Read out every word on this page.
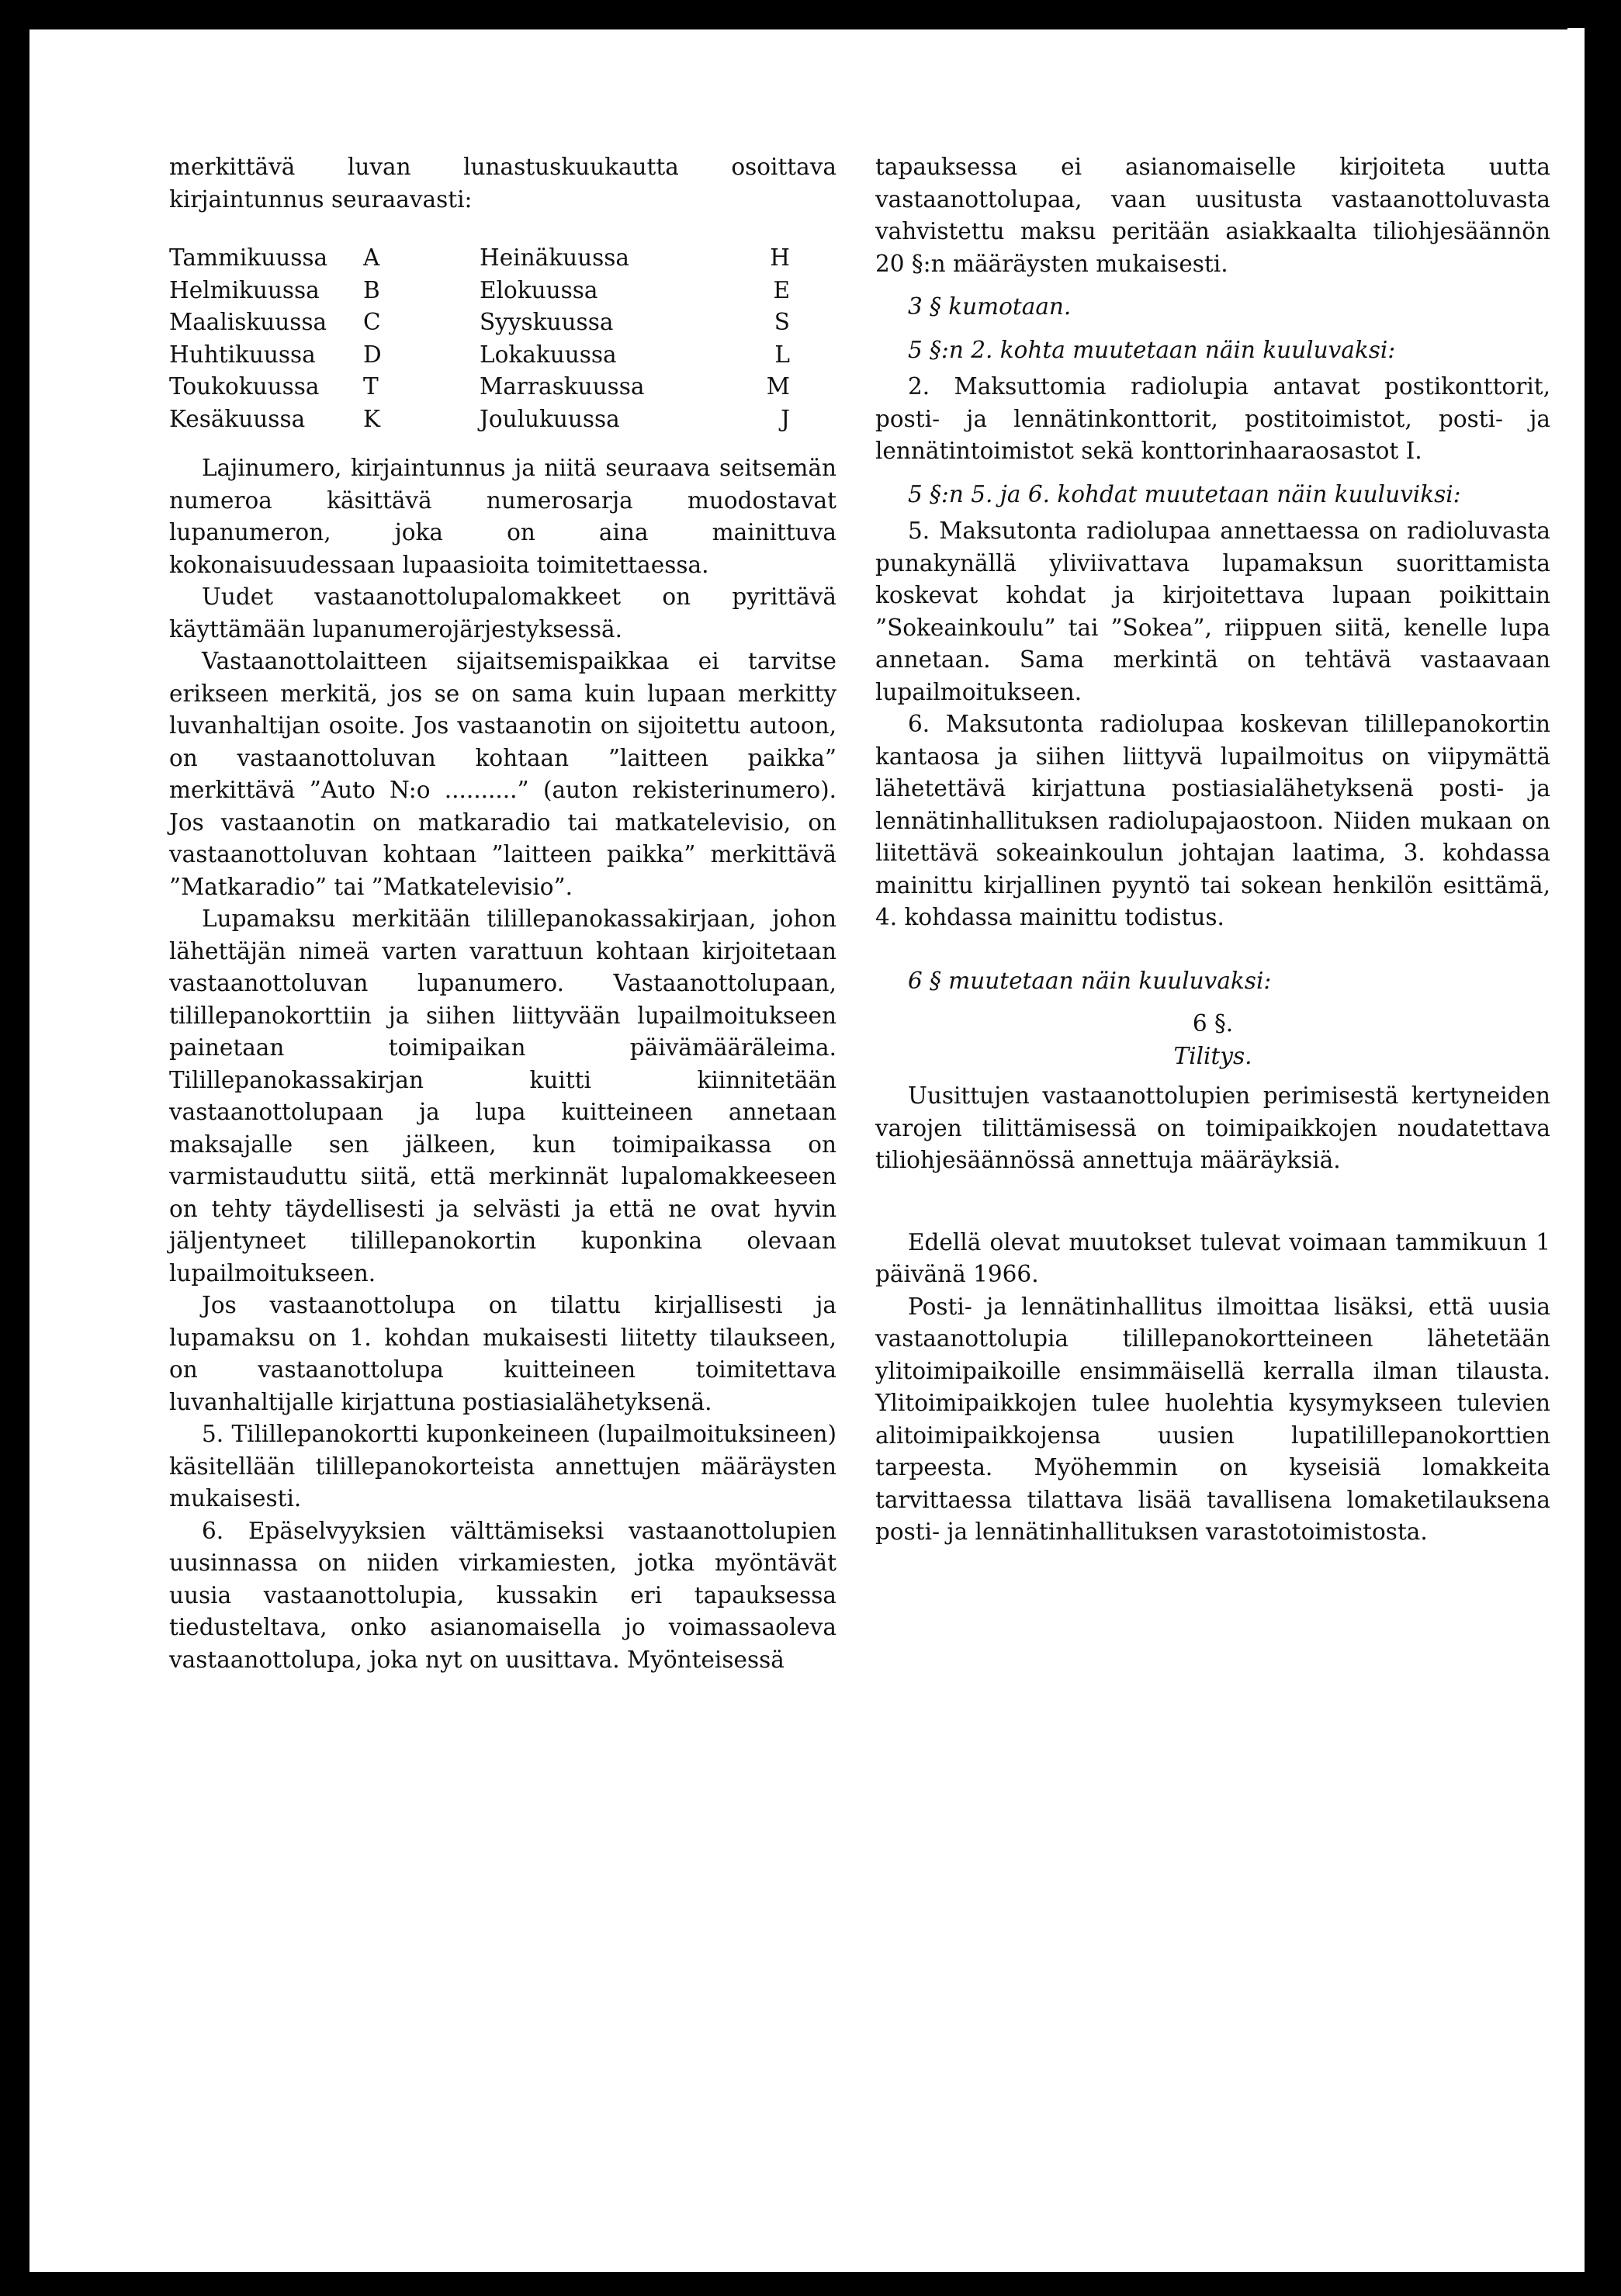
merkittävä luvan lunastuskuukautta osoittava kirjaintunnus seuraavasti:

Tammikuussa	A	Heinäkuussa	H
Helmikuussa	B	Elokuussa	E
Maaliskuussa	C	Syyskuussa	S
Huhtikuussa	D	Lokakuussa	L
Toukokuussa	T	Marraskuussa	M
Kesäkuussa	K	Joulukuussa	J

Lajinumero, kirjaintunnus ja niitä seuraava seitsemän numeroa käsittävä numerosarja muodostavat lupanumeron, joka on aina mainittuva kokonaisuudessaan lupaasioita toimitettaessa.

Uudet vastaanottolupalomakkeet on pyrittävä käyttämään lupanumerojärjestyksessä.

Vastaanottolaitteen sijaitsemispaikkaa ei tarvitse erikseen merkitä, jos se on sama kuin lupaan merkitty luvanhaltijan osoite. Jos vastaanotin on sijoitettu autoon, on vastaanottoluvan kohtaan ”laitteen paikka” merkittävä ”Auto N:o ..........” (auton rekisterinumero). Jos vastaanotin on matkaradio tai matkatelevisio, on vastaanottoluvan kohtaan ”laitteen paikka” merkittävä ”Matkaradio” tai ”Matkatelevisio”.

Lupamaksu merkitään tilillepanokassakirjaan, johon lähettäjän nimeä varten varattuun kohtaan kirjoitetaan vastaanottoluvan lupanumero. Vastaanottolupaan, tilillepanokorttiin ja siihen liittyvään lupailmoitukseen painetaan toimipaikan päivämääräleima. Tilillepanokassakirjan kuitti kiinnitetään vastaanottolupaan ja lupa kuitteineen annetaan maksajalle sen jälkeen, kun toimipaikassa on varmistauduttu siitä, että merkinnät lupalomakkeeseen on tehty täydellisesti ja selvästi ja että ne ovat hyvin jäljentyneet tilillepanokortin kuponkina olevaan lupailmoitukseen.

Jos vastaanottolupa on tilattu kirjallisesti ja lupamaksu on 1. kohdan mukaisesti liitetty tilaukseen, on vastaanottolupa kuitteineen toimitettava luvanhaltijalle kirjattuna postiasialähetyksenä.

5. Tilillepanokortti kuponkeineen (lupailmoituksineen) käsitellään tilillepanokorteista annettujen määräysten mukaisesti.

6. Epäselvyyksien välttämiseksi vastaanottolupien uusinnassa on niiden virkamiesten, jotka myöntävät uusia vastaanottolupia, kussakin eri tapauksessa tiedusteltava, onko asianomaisella jo voimassaoleva vastaanottolupa, joka nyt on uusittava. Myönteisessä

tapauksessa ei asianomaiselle kirjoiteta uutta vastaanottolupaa, vaan uusitusta vastaanottoluvasta vahvistettu maksu peritään asiakkaalta tiliohjesäännön 20 §:n määräysten mukaisesti.

3 § kumotaan.

5 §:n 2. kohta muutetaan näin kuuluvaksi:

2. Maksuttomia radiolupia antavat postikonttorit, posti- ja lennätinkonttorit, postitoimistot, posti- ja lennätintoimistot sekä konttorinhaaraosastot I.

5 §:n 5. ja 6. kohdat muutetaan näin kuuluviksi:

5. Maksutonta radiolupaa annettaessa on radioluvasta punakynällä yliviivattava lupamaksun suorittamista koskevat kohdat ja kirjoitettava lupaan poikittain ”Sokeainkoulu” tai ”Sokea”, riippuen siitä, kenelle lupa annetaan. Sama merkintä on tehtävä vastaavaan lupailmoitukseen.

6. Maksutonta radiolupaa koskevan tilillepanokortin kantaosa ja siihen liittyvä lupailmoitus on viipymättä lähetettävä kirjattuna postiasialähetyksenä posti- ja lennätinhallituksen radiolupajaostoon. Niiden mukaan on liitettävä sokeainkoulun johtajan laatima, 3. kohdassa mainittu kirjallinen pyyntö tai sokean henkilön esittämä, 4. kohdassa mainittu todistus.

6 § muutetaan näin kuuluvaksi:

6 §.

Tilitys.

Uusittujen vastaanottolupien perimisestä kertyneiden varojen tilittämisessä on toimipaikkojen noudatettava tiliohjesäännössä annettuja määräyksiä.

Edellä olevat muutokset tulevat voimaan tammikuun 1 päivänä 1966.

Posti- ja lennätinhallitus ilmoittaa lisäksi, että uusia vastaanottolupia tilillepanokortteineen lähetetään ylitoimipaikoille ensimmäisellä kerralla ilman tilausta. Ylitoimipaikkojen tulee huolehtia kysymykseen tulevien alitoimipaikkojensa uusien lupatilillepanokorttien tarpeesta. Myöhemmin on kyseisiä lomakkeita tarvittaessa tilattava lisää tavallisena lomaketilauksena posti- ja lennätinhallituksen varastotoimistosta.
